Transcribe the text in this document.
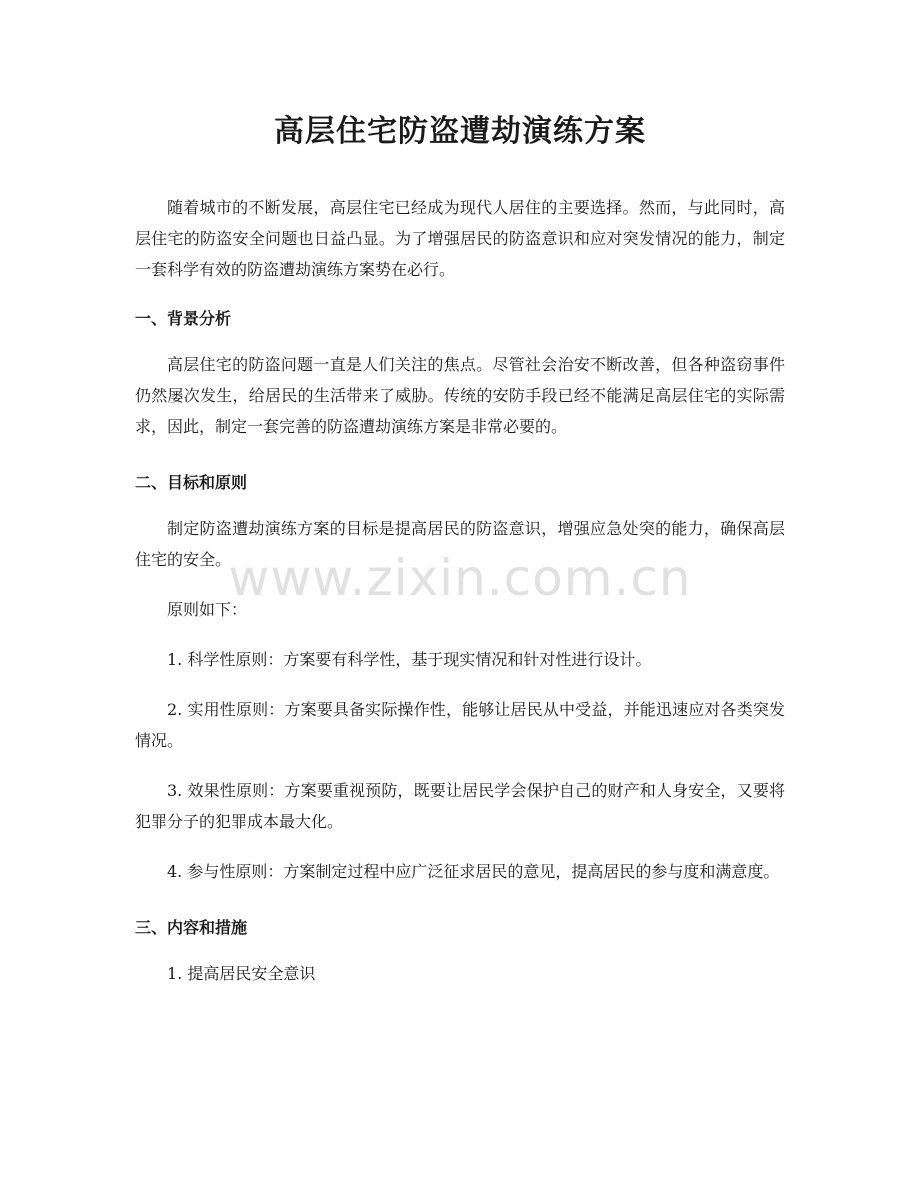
高层住宅防盗遭劫演练方案

随着城市的不断发展，高层住宅已经成为现代人居住的主要选择。然而，与此同时，高层住宅的防盗安全问题也日益凸显。为了增强居民的防盗意识和应对突发情况的能力，制定一套科学有效的防盗遭劫演练方案势在必行。

一、背景分析

高层住宅的防盗问题一直是人们关注的焦点。尽管社会治安不断改善，但各种盗窃事件仍然屡次发生，给居民的生活带来了威胁。传统的安防手段已经不能满足高层住宅的实际需求，因此，制定一套完善的防盗遭劫演练方案是非常必要的。

二、目标和原则

制定防盗遭劫演练方案的目标是提高居民的防盗意识，增强应急处突的能力，确保高层住宅的安全。

原则如下：

1. 科学性原则：方案要有科学性，基于现实情况和针对性进行设计。

2. 实用性原则：方案要具备实际操作性，能够让居民从中受益，并能迅速应对各类突发情况。

3. 效果性原则：方案要重视预防，既要让居民学会保护自己的财产和人身安全，又要将犯罪分子的犯罪成本最大化。

4. 参与性原则：方案制定过程中应广泛征求居民的意见，提高居民的参与度和满意度。

三、内容和措施

1. 提高居民安全意识

www.zixin.com.cn
